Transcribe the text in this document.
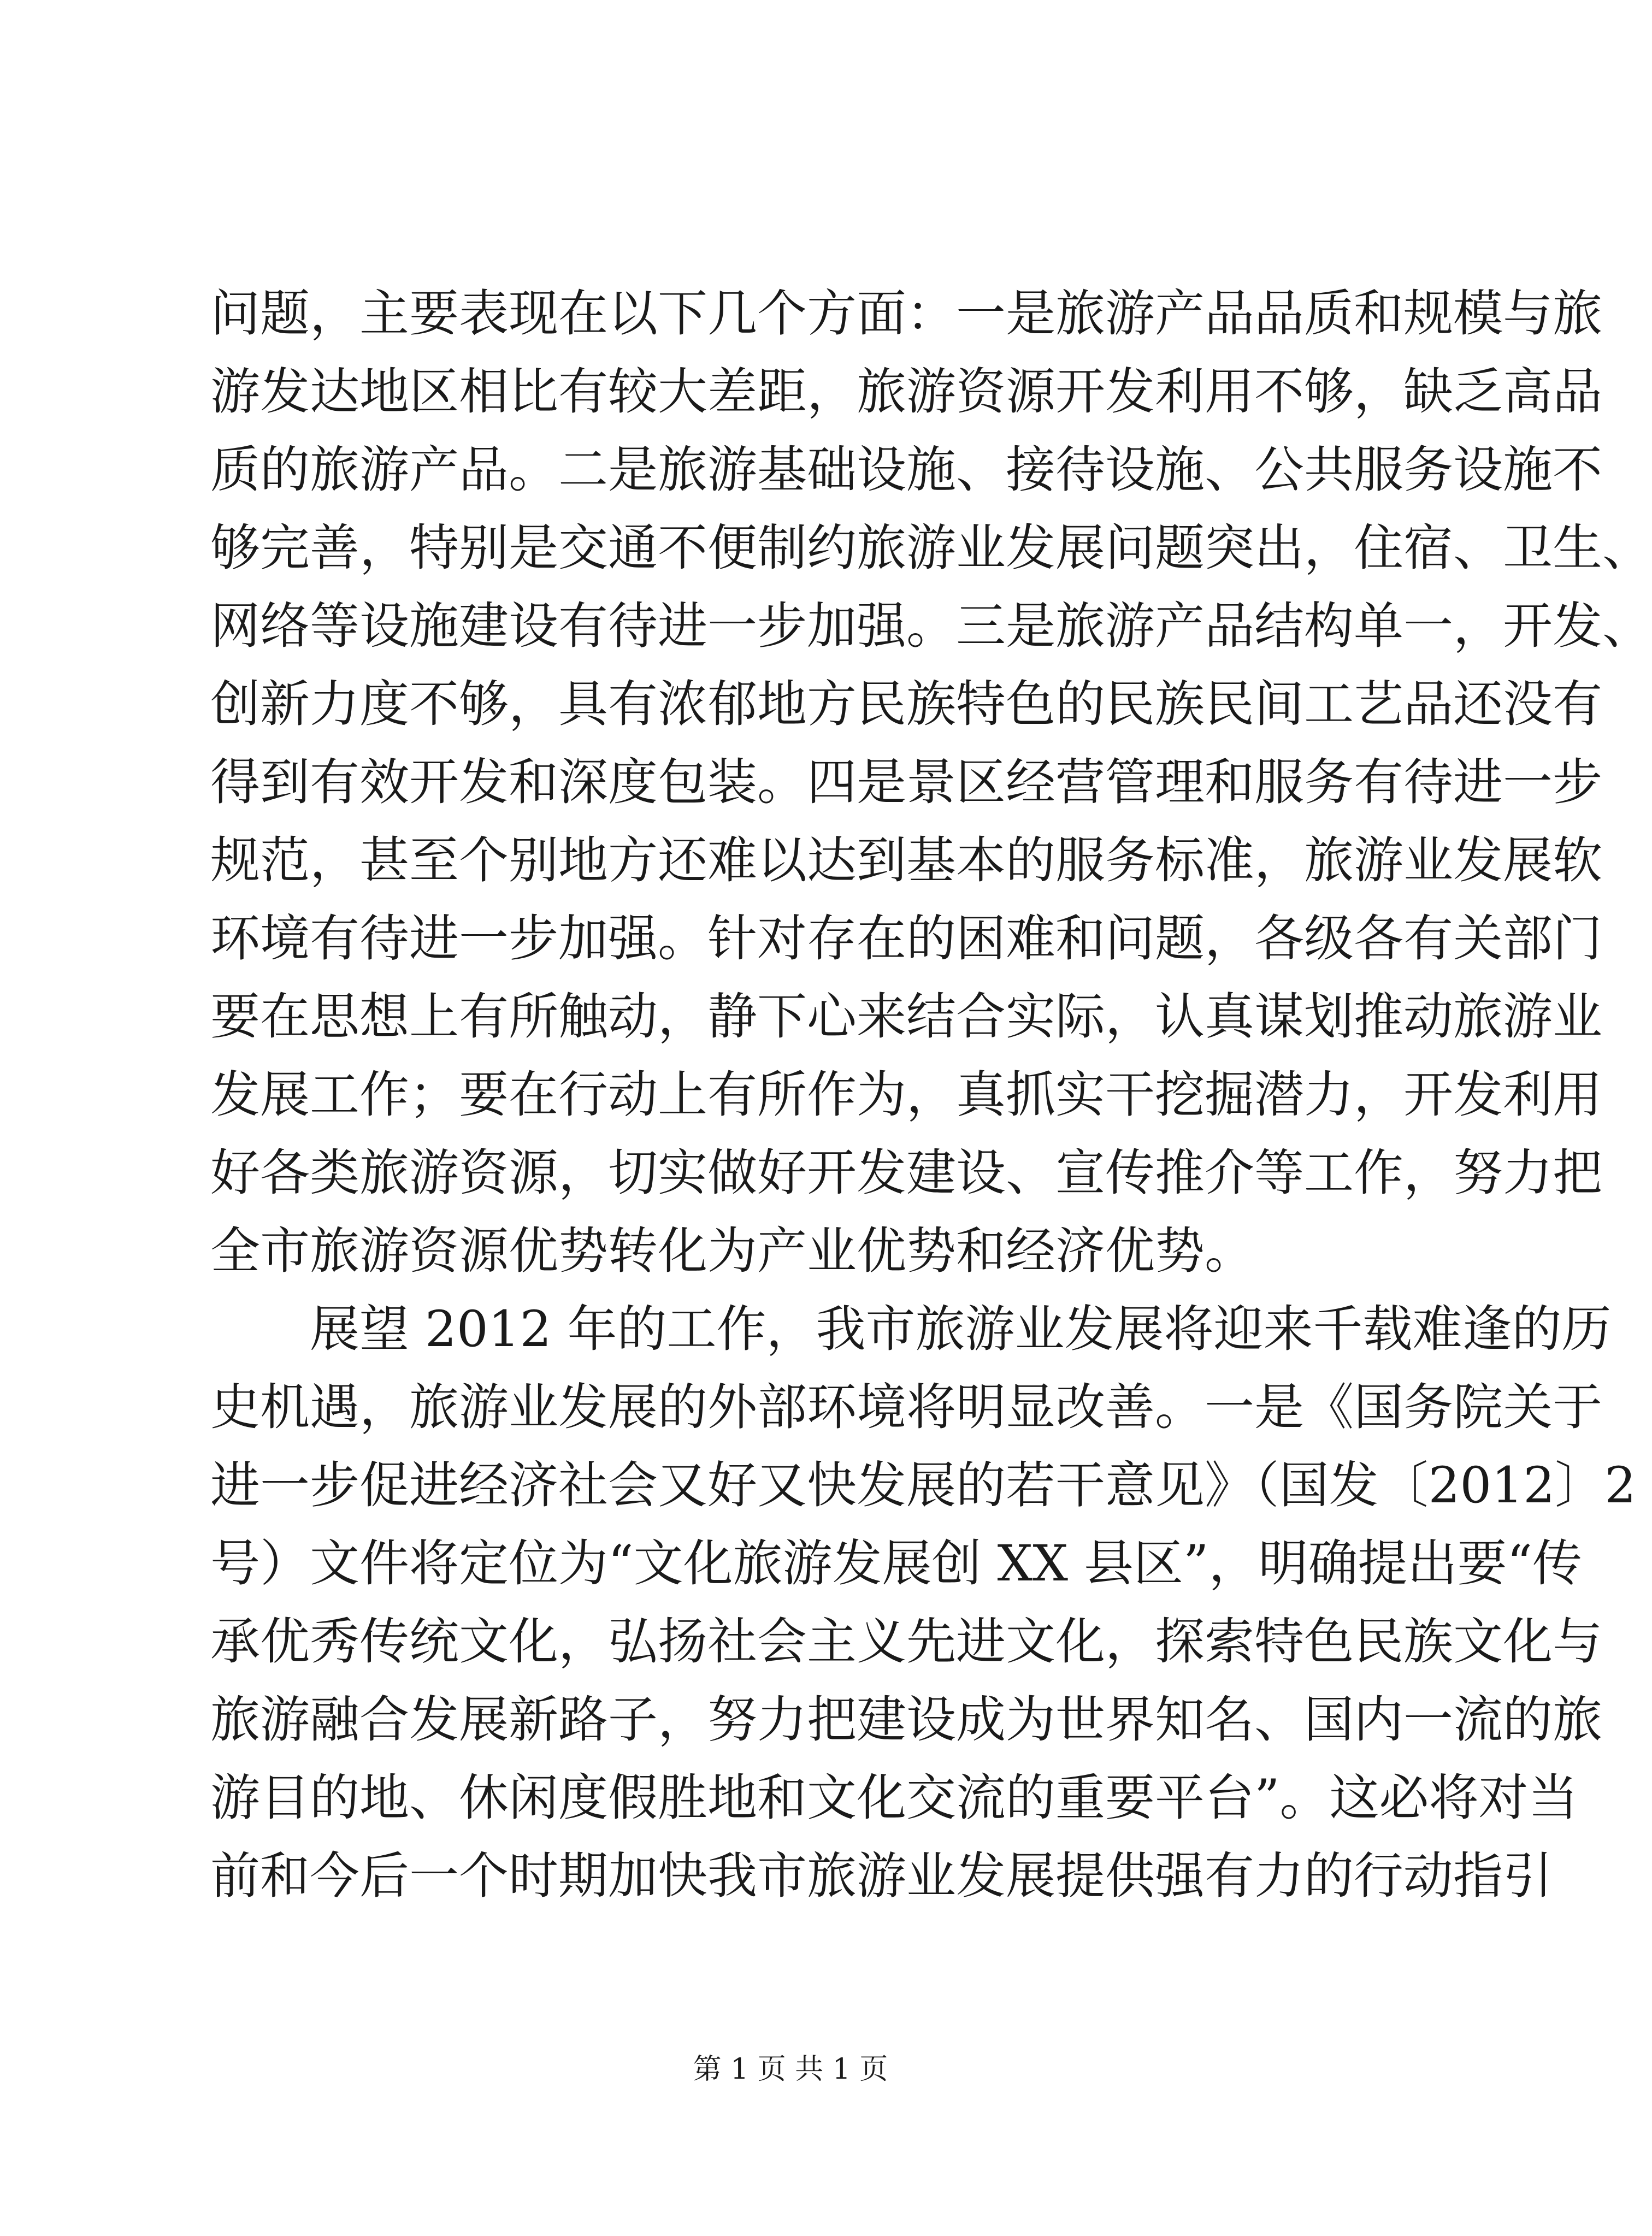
问题，主要表现在以下几个方面：一是旅游产品品质和规模与旅
游发达地区相比有较大差距，旅游资源开发利用不够，缺乏高品
质的旅游产品。二是旅游基础设施、接待设施、公共服务设施不
够完善，特别是交通不便制约旅游业发展问题突出，住宿、卫生、
网络等设施建设有待进一步加强。三是旅游产品结构单一，开发、
创新力度不够，具有浓郁地方民族特色的民族民间工艺品还没有
得到有效开发和深度包装。四是景区经营管理和服务有待进一步
规范，甚至个别地方还难以达到基本的服务标准，旅游业发展软
环境有待进一步加强。针对存在的困难和问题，各级各有关部门
要在思想上有所触动，静下心来结合实际，认真谋划推动旅游业
发展工作；要在行动上有所作为，真抓实干挖掘潜力，开发利用
好各类旅游资源，切实做好开发建设、宣传推介等工作，努力把
全市旅游资源优势转化为产业优势和经济优势。

展望 2012 年的工作，我市旅游业发展将迎来千载难逢的历
史机遇，旅游业发展的外部环境将明显改善。一是《国务院关于
进一步促进经济社会又好又快发展的若干意见》（国发〔2012〕2
号）文件将定位为“文化旅游发展创 XX 县区”，明确提出要“传
承优秀传统文化，弘扬社会主义先进文化，探索特色民族文化与
旅游融合发展新路子，努力把建设成为世界知名、国内一流的旅
游目的地、休闲度假胜地和文化交流的重要平台”。这必将对当
前和今后一个时期加快我市旅游业发展提供强有力的行动指引

第 1 页 共 1 页
